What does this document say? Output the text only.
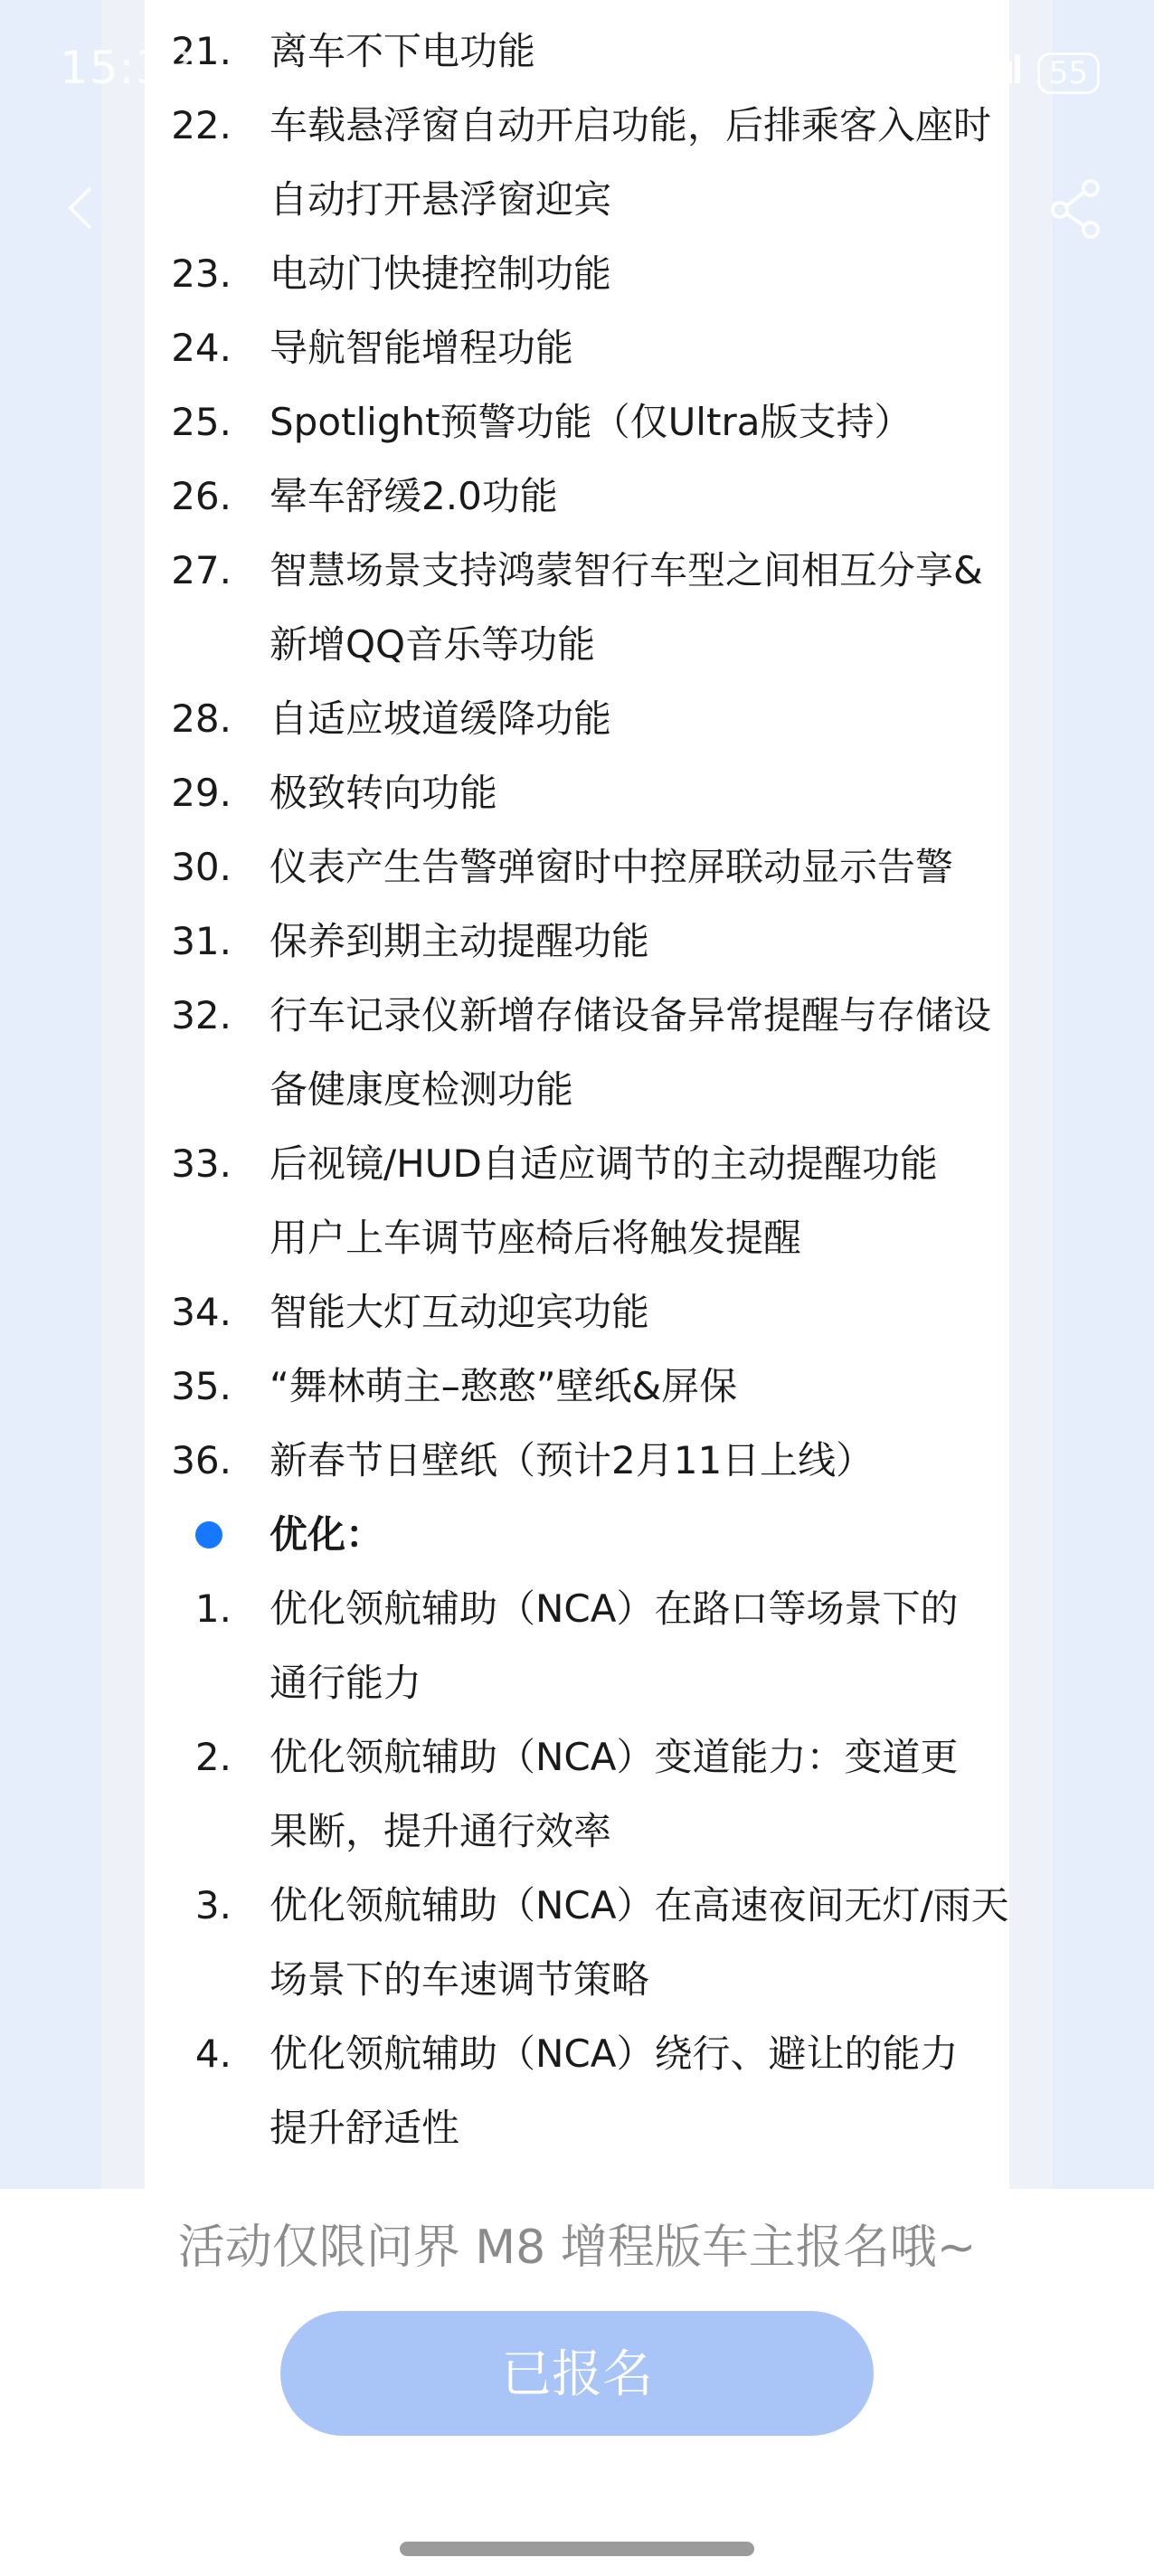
21. 离车不下电功能
22. 车载悬浮窗自动开启功能，后排乘客入座时
自动打开悬浮窗迎宾
23. 电动门快捷控制功能
24. 导航智能增程功能
25. Spotlight预警功能（仅Ultra版支持）
26. 晕车舒缓2.0功能
27. 智慧场景支持鸿蒙智行车型之间相互分享&
新增QQ音乐等功能
28. 自适应坡道缓降功能
29. 极致转向功能
30. 仪表产生告警弹窗时中控屏联动显示告警
31. 保养到期主动提醒功能
32. 行车记录仪新增存储设备异常提醒与存储设
备健康度检测功能
33. 后视镜/HUD自适应调节的主动提醒功能
用户上车调节座椅后将触发提醒
34. 智能大灯互动迎宾功能
35. “舞林萌主–憨憨”壁纸&屏保
36. 新春节日壁纸（预计2月11日上线）
优化：
1. 优化领航辅助（NCA）在路口等场景下的
通行能力
2. 优化领航辅助（NCA）变道能力：变道更
果断，提升通行效率
3. 优化领航辅助（NCA）在高速夜间无灯/雨天
场景下的车速调节策略
4. 优化领航辅助（NCA）绕行、避让的能力
提升舒适性
15:33	5A	5A	55
活动仅限问界 M8 增程版车主报名哦~
已报名
